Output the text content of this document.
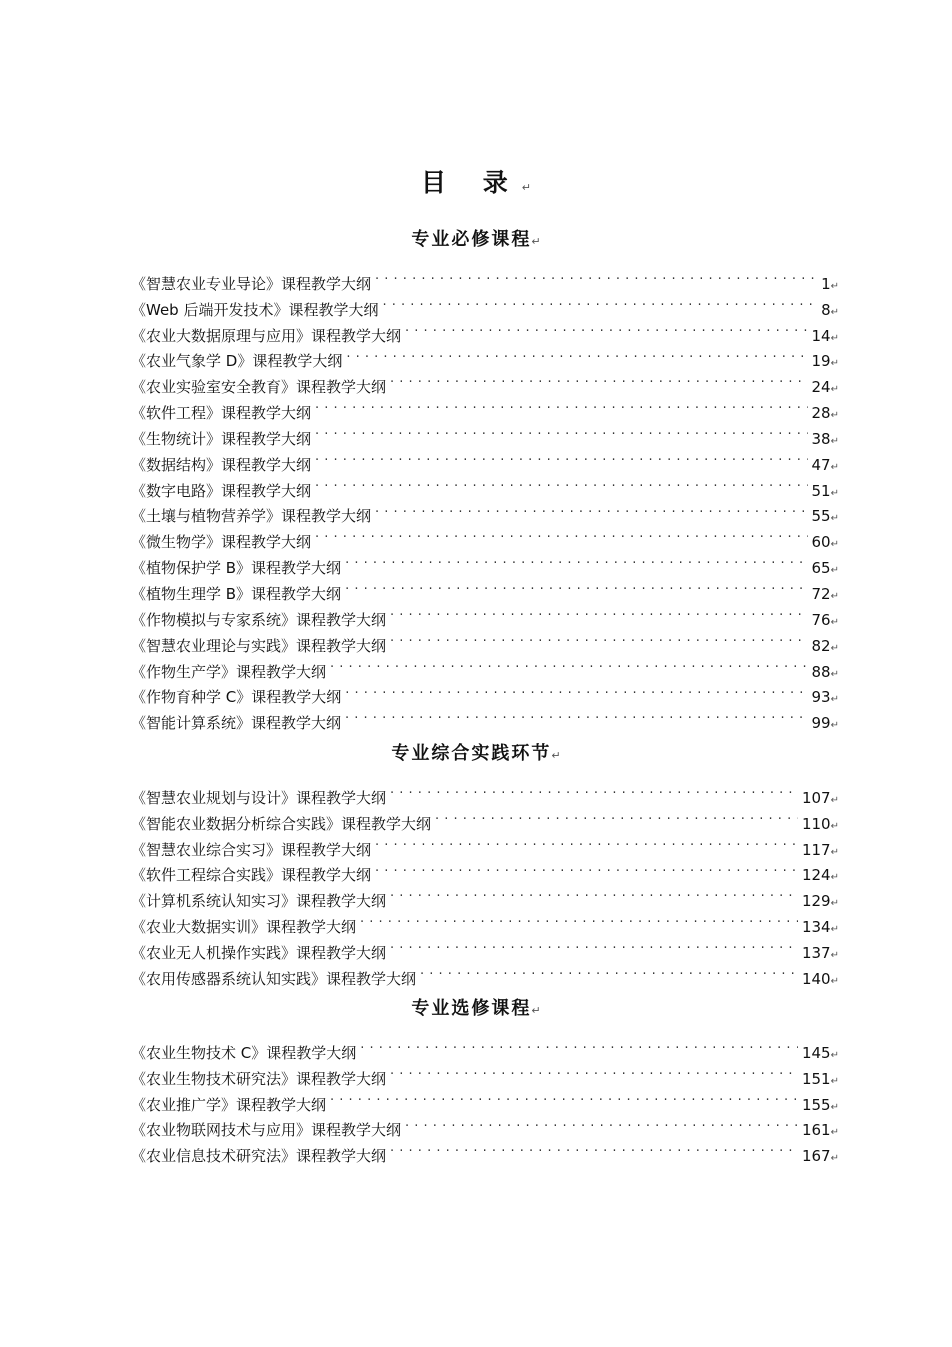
目 录↵
专业必修课程↵
《智慧农业专业导论》课程教学大纲 . . .	1 ↵
《Web 后端开发技术》课程教学大纲 . . .	8 ↵
《农业大数据原理与应用》课程教学大纲 . . .	14 ↵
《农业气象学 D》课程教学大纲 . . .	19 ↵
《农业实验室安全教育》课程教学大纲 . . .	24 ↵
《软件工程》课程教学大纲 . . .	28 ↵
《生物统计》课程教学大纲 . . .	38 ↵
《数据结构》课程教学大纲 . . .	47 ↵
《数字电路》课程教学大纲 . . .	51 ↵
《土壤与植物营养学》课程教学大纲 . . .	55 ↵
《微生物学》课程教学大纲 . . .	60 ↵
《植物保护学 B》课程教学大纲 . . .	65 ↵
《植物生理学 B》课程教学大纲 . . .	72 ↵
《作物模拟与专家系统》课程教学大纲 . . .	76 ↵
《智慧农业理论与实践》课程教学大纲 . . .	82 ↵
《作物生产学》课程教学大纲 . . .	88 ↵
《作物育种学 C》课程教学大纲 . . .	93 ↵
《智能计算系统》课程教学大纲 . . .	99 ↵
专业综合实践环节↵
《智慧农业规划与设计》课程教学大纲 . . .	107 ↵
《智能农业数据分析综合实践》课程教学大纲 . . .	110 ↵
《智慧农业综合实习》课程教学大纲 . . .	117 ↵
《软件工程综合实践》课程教学大纲 . . .	124 ↵
《计算机系统认知实习》课程教学大纲 . . .	129 ↵
《农业大数据实训》课程教学大纲 . . .	134 ↵
《农业无人机操作实践》课程教学大纲 . . .	137 ↵
《农用传感器系统认知实践》课程教学大纲 . . .	140 ↵
专业选修课程↵
《农业生物技术 C》课程教学大纲 . . .	145 ↵
《农业生物技术研究法》课程教学大纲 . . .	151 ↵
《农业推广学》课程教学大纲 . . .	155 ↵
《农业物联网技术与应用》课程教学大纲 . . .	161 ↵
《农业信息技术研究法》课程教学大纲 . . .	167 ↵
